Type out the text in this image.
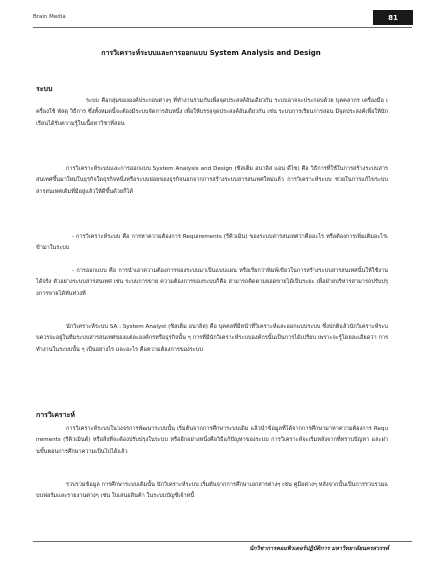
Brain Media	81
การวิเคราะห์ระบบและการออกแบบ System Analysis and Design
ระบบ

ระบบ คือกลุ่มขององค์ประกอบต่างๆ ที่ทำงานร่วมกันเพื่อจุดประสงค์อันเดียวกัน ระบบอาจจะประกอบด้วย บุคคลากร เครื่องมือ เครื่องใช้ พัสดุ วิธีการ ซึ่งทั้งหมดนี้จะต้องมีระบบจัดการอันหนึ่ง เพื่อให้บรรลุจุดประสงค์อันเดียวกัน เช่น ระบบการเรียนการสอน มีจุดประสงค์เพื่อให้นักเรียนได้รับความรู้ในเนื้อหาวิชาที่สอน

การวิเคราะห์ระบบและการออกแบบ System Analysis and Design (ซิสเต็ม อนาลิส แอน ดีไซ) คือ วิธีการที่ใช้ในการสร้างระบบสารสนเทศขึ้นมาใหม่ในธุรกิจใดธุรกิจหนึ่งหรือระบบย่อยของธุรกิจนอกจากการสร้างระบบสารสนเทศใหม่แล้ว การวิเคราะห์ระบบ ช่วยในการแก้ไขระบบสารสนเทศเดิมที่มีอยู่แล้วให้ดีขึ้นด้วยก็ได้

- การวิเคราะห์ระบบ คือ การหาความต้องการ Requirements (รีคิวเมิน) ของระบบสารสนเทศว่าคืออะไร หรือต้องการเพิ่มเติมอะไรเข้ามาในระบบ

- การออกแบบ คือ การนำเอาความต้องการของระบบมาเป็นแบบแผน หรือเรียกว่าพิมพ์เขียวในการสร้างระบบสารสนเทศนั้นให้ใช้งานได้จริง ตัวอย่างระบบสารสนเทศ เช่น ระบบการขาย ความต้องการของระบบก็คือ สามารถติดตามยอดขายได้เป็นระยะ เพื่อฝ่ายบริหารสามารถปรับปรุงการขายได้ทันท่วงที

นักวิเคราะห์ระบบ SA : System Analyst (ซิสเต็ม อนาลิส) คือ บุคคลที่มีหน้าที่วิเคราะห์และออกแบบระบบ ซึ่งปกติแล้วนักวิเคราะห์ระบบควรจะอยู่ในทีมระบบสารสนเทศของแต่ละองค์กรหรือธุรกิจนั้น ๆ การที่มีนักวิเคราะห์ระบบองค์กรนั้นเป็นการได้เปรียบ เพราะจะรู้โดยละเอียดว่า การทำงานในระบบนั้น ๆ เป็นอย่างไร และอะไร คือความต้องการของระบบ

การวิเคราะห์

การวิเคราะห์ระบบในวงจรการพัฒนาระบบนั้น เริ่มต้นจากการศึกษาระบบเดิม แล้วนำข้อมูลที่ได้จากการศึกษามาหาความต้องการ Requirements (รีคิวเมินต์) หรือสิ่งที่จะต้องปรับปรุงในระบบ หรืออีกอย่างหนึ่งคือวิธีแก้ปัญหาของระบบ การวิเคราะห์จะเริ่มหลังจากที่ทราบปัญหา และผ่านขั้นตอนการศึกษาความเป็นไปได้แล้ว

รวบรวมข้อมูล การศึกษาระบบเดิมนั้น นักวิเคราะห์ระบบ เริ่มต้นจากการศึกษาเอกสารต่างๆ เช่น คู่มือต่างๆ หลังจากนั้นเป็นการรวบรวมแบบฟอร์มและรายงานต่างๆ เช่น ใบเสนอสินค้า ในระบบบัญชีเจ้าหนี้

นักวิชาการคอมพิวเตอร์ปฏิบัติการ มหาวิทยาลัยนครสวรรค์
